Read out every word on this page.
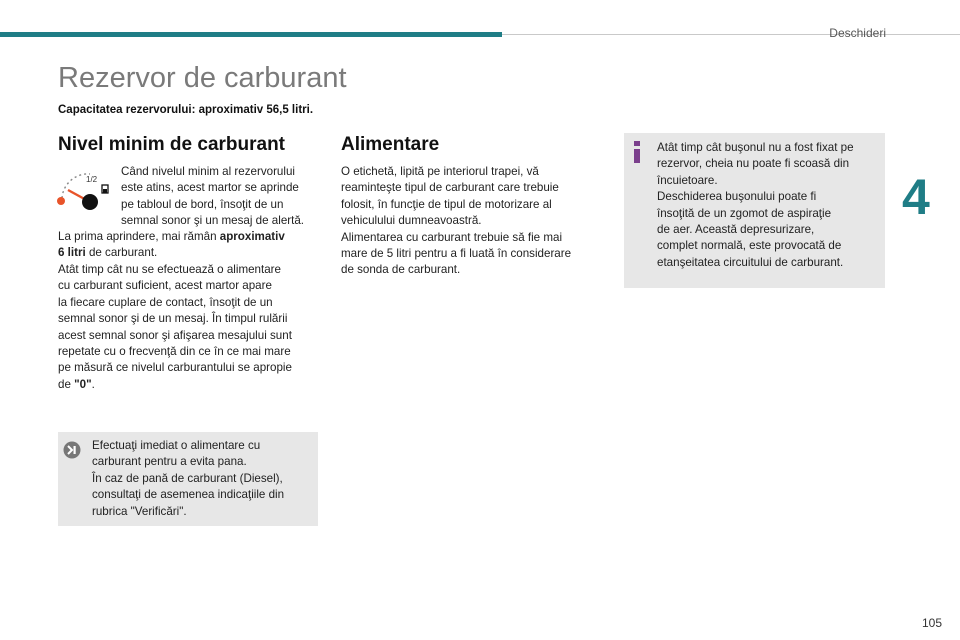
Deschideri
4
Rezervor de carburant
Capacitatea rezervorului: aproximativ 56,5 litri.
Nivel minim de carburant
1/2
Când nivelul minim al rezervorului
este atins, acest martor se aprinde
pe tabloul de bord, însoţit de un
semnal sonor şi un mesaj de alertă.
La prima aprindere, mai rămân aproximativ
6 litri de carburant.
Atât timp cât nu se efectuează o alimentare
cu carburant suficient, acest martor apare
la fiecare cuplare de contact, însoţit de un
semnal sonor şi de un mesaj. În timpul rulării
acest semnal sonor şi afişarea mesajului sunt
repetate cu o frecvenţă din ce în ce mai mare
pe măsură ce nivelul carburantului se apropie
de "0".
Efectuaţi imediat o alimentare cu
carburant pentru a evita pana.
În caz de pană de carburant (Diesel),
consultaţi de asemenea indicaţiile din
rubrica "Verificări".
Alimentare
O etichetă, lipită pe interiorul trapei, vă
reaminteşte tipul de carburant care trebuie
folosit, în funcţie de tipul de motorizare al
vehiculului dumneavoastră.
Alimentarea cu carburant trebuie să fie mai
mare de 5 litri pentru a fi luată în considerare
de sonda de carburant.
Atât timp cât buşonul nu a fost fixat pe
rezervor, cheia nu poate fi scoasă din
încuietoare.
Deschiderea buşonului poate fi
însoţită de un zgomot de aspiraţie
de aer. Această depresurizare,
complet normală, este provocată de
etanşeitatea circuitului de carburant.
105
